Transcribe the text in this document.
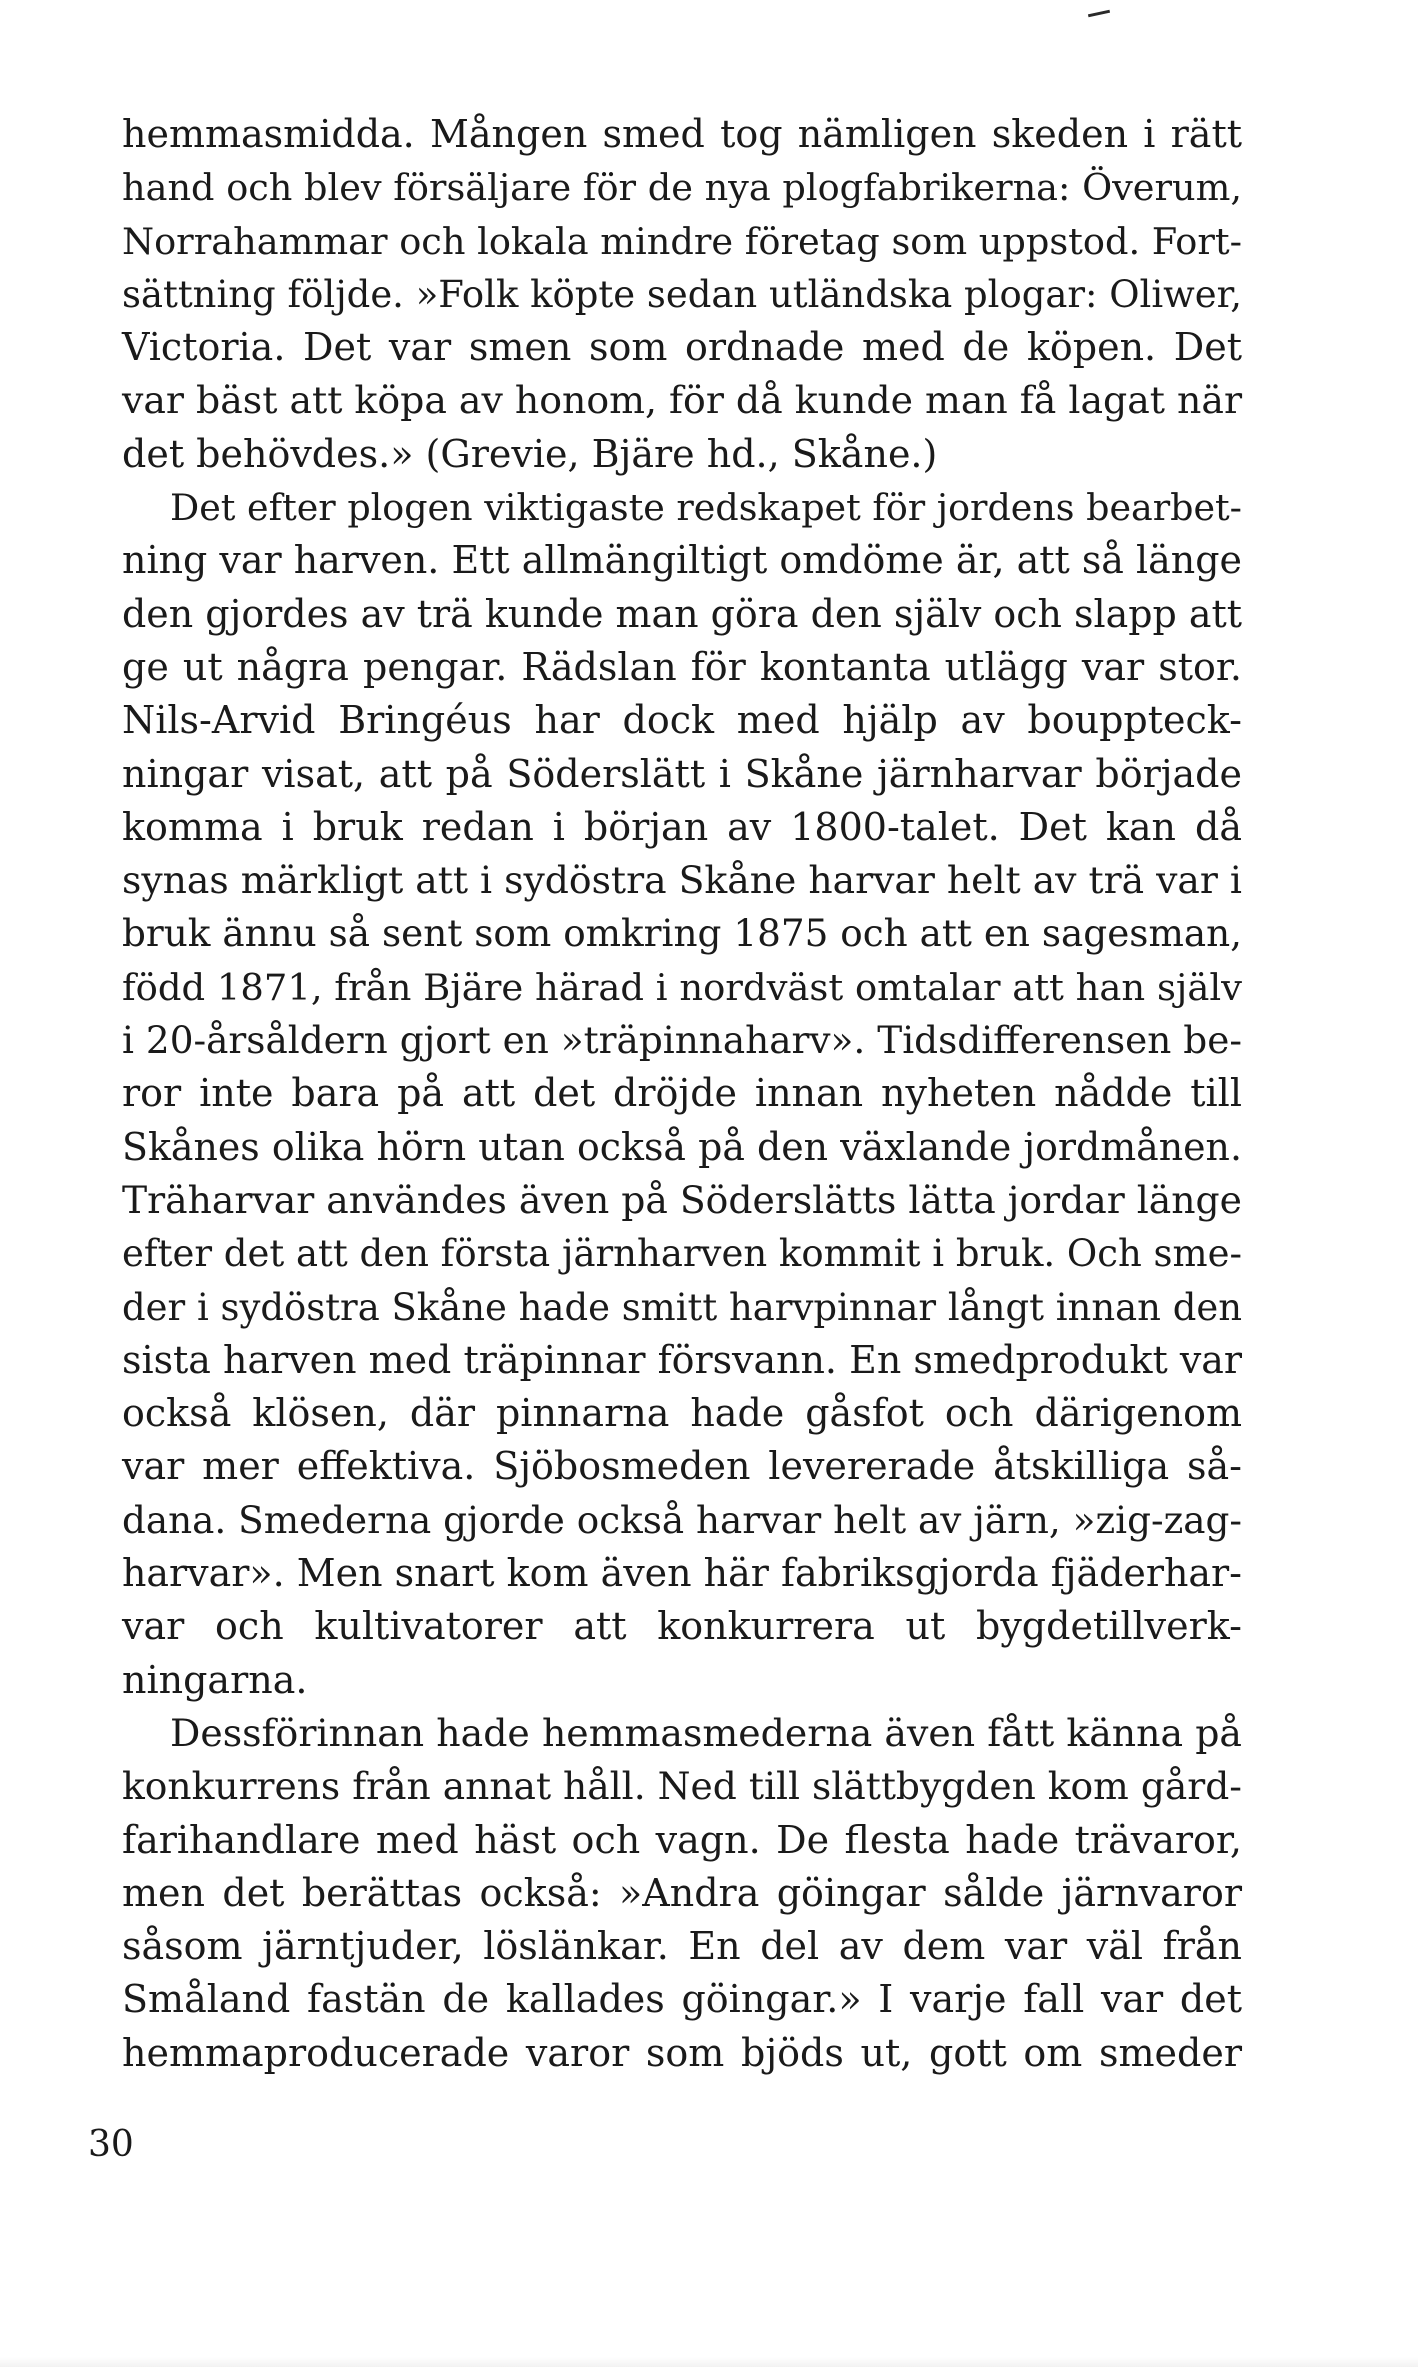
hemmasmidda. Mången smed tog nämligen skeden i rätt
hand och blev försäljare för de nya plogfabrikerna: Överum,
Norrahammar och lokala mindre företag som uppstod. Fort-
sättning följde. »Folk köpte sedan utländska plogar: Oliwer,
Victoria. Det var smen som ordnade med de köpen. Det
var bäst att köpa av honom, för då kunde man få lagat när
det behövdes.» (Grevie, Bjäre hd., Skåne.)

Det efter plogen viktigaste redskapet för jordens bearbet-
ning var harven. Ett allmängiltigt omdöme är, att så länge
den gjordes av trä kunde man göra den själv och slapp att
ge ut några pengar. Rädslan för kontanta utlägg var stor.
Nils-Arvid Bringéus har dock med hjälp av bouppteck-
ningar visat, att på Söderslätt i Skåne järnharvar började
komma i bruk redan i början av 1800-talet. Det kan då
synas märkligt att i sydöstra Skåne harvar helt av trä var i
bruk ännu så sent som omkring 1875 och att en sagesman,
född 1871, från Bjäre härad i nordväst omtalar att han själv
i 20-årsåldern gjort en »träpinnaharv». Tidsdifferensen be-
ror inte bara på att det dröjde innan nyheten nådde till
Skånes olika hörn utan också på den växlande jordmånen.
Träharvar användes även på Söderslätts lätta jordar länge
efter det att den första järnharven kommit i bruk. Och sme-
der i sydöstra Skåne hade smitt harvpinnar långt innan den
sista harven med träpinnar försvann. En smedprodukt var
också klösen, där pinnarna hade gåsfot och därigenom
var mer effektiva. Sjöbosmeden levererade åtskilliga så-
dana. Smederna gjorde också harvar helt av järn, »zig-zag-
harvar». Men snart kom även här fabriksgjorda fjäderhar-
var och kultivatorer att konkurrera ut bygdetillverk-
ningarna.

Dessförinnan hade hemmasmederna även fått känna på
konkurrens från annat håll. Ned till slättbygden kom gård-
farihandlare med häst och vagn. De flesta hade trävaror,
men det berättas också: »Andra göingar sålde järnvaror
såsom järntjuder, löslänkar. En del av dem var väl från
Småland fastän de kallades göingar.» I varje fall var det
hemmaproducerade varor som bjöds ut, gott om smeder

30
